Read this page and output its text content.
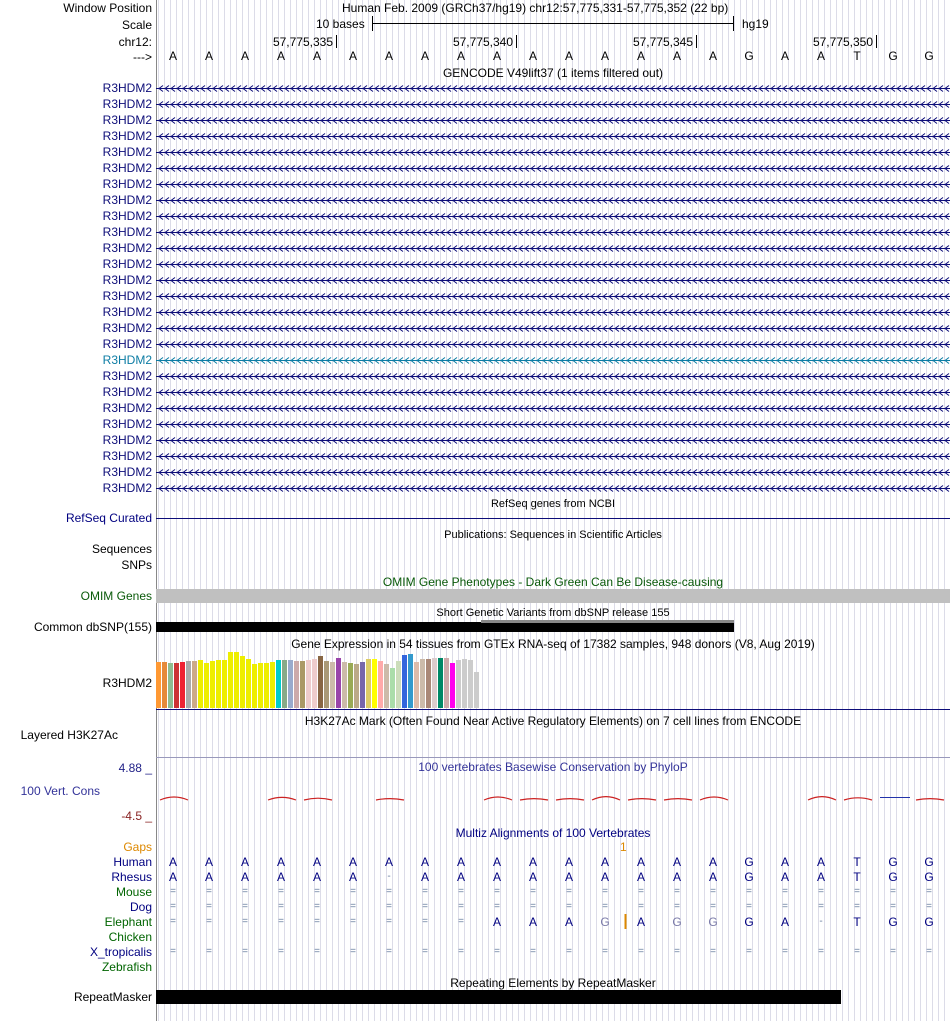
Window Position	Human Feb. 2009 (GRCh37/hg19) chr12:57,775,331-57,775,352 (22 bp)
Scale	10 bases	hg19
chr12:
--->
57,775,335	57,775,340	57,775,345	57,775,350
A	A	A	A	A	A	A	A	A	A	A	A	A	A	A	A	G	A	A	T	G	G
GENCODE V49lift37 (1 items filtered out)
R3HDM2
R3HDM2
R3HDM2
R3HDM2
R3HDM2
R3HDM2
R3HDM2
R3HDM2
R3HDM2
R3HDM2
R3HDM2
R3HDM2
R3HDM2
R3HDM2
R3HDM2
R3HDM2
R3HDM2
R3HDM2
R3HDM2
R3HDM2
R3HDM2
R3HDM2
R3HDM2
R3HDM2
R3HDM2
R3HDM2
RefSeq genes from NCBI
RefSeq Curated
Publications: Sequences in Scientific Articles
Sequences
SNPs
OMIM Gene Phenotypes - Dark Green Can Be Disease-causing
OMIM Genes
Short Genetic Variants from dbSNP release 155
Common dbSNP(155)
Gene Expression in 54 tissues from GTEx RNA-seq of 17382 samples, 948 donors (V8, Aug 2019)
R3HDM2
H3K27Ac Mark (Often Found Near Active Regulatory Elements) on 7 cell lines from ENCODE
Layered H3K27Ac
100 vertebrates Basewise Conservation by PhyloP
4.88 _
100 Vert. Cons
-4.5 _
Multiz Alignments of 100 Vertebrates
Gaps	1
Human	A	A	A	A	A	A	A	A	A	A	A	A	A	A	A	A	G	A	A	T	G	G
Rhesus	A	A	A	A	A	A	-	A	A	A	A	A	A	A	A	A	G	A	A	T	G	G
Mouse	=	=	=	=	=	=	=	=	=	=	=	=	=	=	=	=	=	=	=	=	=	=
Dog	=	=	=	=	=	=	=	=	=	=	=	=	=	=	=	=	=	=	=	=	=	=
Elephant	=	=	=	=	=	=	=	=	=	A	A	A	G	A	G	G	G	A	-	T	G	G
Chicken
X_tropicalis	=	=	=	=	=	=	=	=	=	=	=	=	=	=	=	=	=	=	=	=	=	=
Zebrafish
Repeating Elements by RepeatMasker
RepeatMasker
